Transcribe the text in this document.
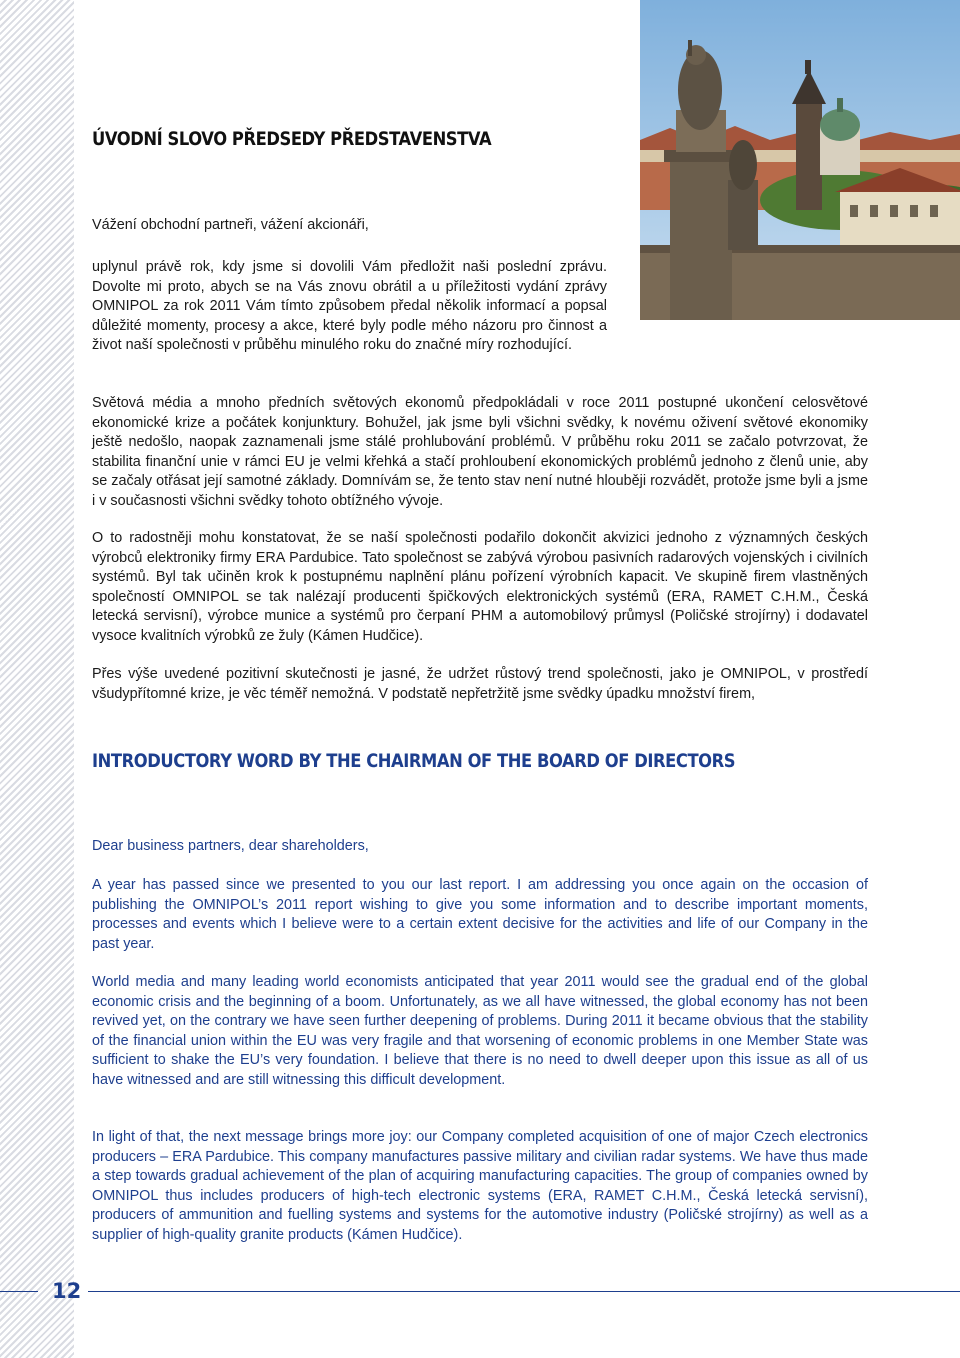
ÚVODNÍ SLOVO PŘEDSEDY PŘEDSTAVENSTVA

Vážení obchodní partneři, vážení akcionáři,

uplynul právě rok, kdy jsme si dovolili Vám předložit naši poslední zprávu. Dovolte mi proto, abych se na Vás znovu obrátil a u příležitosti vydání zprávy OMNIPOL za rok 2011 Vám tímto způsobem předal několik informací a popsal důležité momenty, procesy a akce, které byly podle mého názoru pro činnost a život naší společnosti v průběhu minulého roku do značné míry rozhodující.

Světová média a mnoho předních světových ekonomů předpokládali v roce 2011 postupné ukončení celosvětové ekonomické krize a počátek konjunktury. Bohužel, jak jsme byli všichni svědky, k novému oživení světové ekonomiky ještě nedošlo, naopak zaznamenali jsme stálé prohlubování problémů. V průběhu roku 2011 se začalo potvrzovat, že stabilita finanční unie v rámci EU je velmi křehká a stačí prohloubení ekonomických problémů jednoho z členů unie, aby se začaly otřásat její samotné základy. Domnívám se, že tento stav není nutné hlouběji rozvádět, protože jsme byli a jsme i v současnosti všichni svědky tohoto obtížného vývoje.

O to radostněji mohu konstatovat, že se naší společnosti podařilo dokončit akvizici jednoho z významných českých výrobců elektroniky firmy ERA Pardubice. Tato společnost se zabývá výrobou pasivních radarových vojenských i civilních systémů. Byl tak učiněn krok k postupnému naplnění plánu pořízení výrobních kapacit. Ve skupině firem vlastněných společností OMNIPOL se tak nalézají producenti špičkových elektronických systémů (ERA, RAMET C.H.M., Česká letecká servisní), výrobce munice a systémů pro čerpaní PHM a automobilový průmysl (Poličské strojírny) i dodavatel vysoce kvalitních výrobků ze žuly (Kámen Hudčice).

Přes výše uvedené pozitivní skutečnosti je jasné, že udržet růstový trend společnosti, jako je OMNIPOL, v prostředí všudypřítomné krize, je věc téměř nemožná. V podstatě nepřetržitě jsme svědky úpadku množství firem,

INTRODUCTORY WORD BY THE CHAIRMAN OF THE BOARD OF DIRECTORS

Dear business partners, dear shareholders,

A year has passed since we presented to you our last report. I am addressing you once again on the occasion of publishing the OMNIPOL’s 2011 report wishing to give you some information and to describe important moments, processes and events which I believe were to a certain extent decisive for the activities and life of our Company in the past year.

World media and many leading world economists anticipated that year 2011 would see the gradual end of the global economic crisis and the beginning of a boom. Unfortunately, as we all have witnessed, the global economy has not been revived yet, on the contrary we have seen further deepening of problems. During 2011 it became obvious that the stability of the financial union within the EU was very fragile and that worsening of economic problems in one Member State was sufficient to shake the EU’s very foundation. I believe that there is no need to dwell deeper upon this issue as all of us have witnessed and are still witnessing this difficult development.

In light of that, the next message brings more joy: our Company completed acquisition of one of major Czech electronics producers – ERA Pardubice. This company manufactures passive military and civilian radar systems. We have thus made a step towards gradual achievement of the plan of acquiring manufacturing capacities. The group of companies owned by OMNIPOL thus includes producers of high-tech electronic systems (ERA, RAMET C.H.M., Česká letecká servisní), producers of ammunition and fuelling systems and systems for the automotive industry (Poličské strojírny) as well as a supplier of high-quality granite products (Kámen Hudčice).

12
